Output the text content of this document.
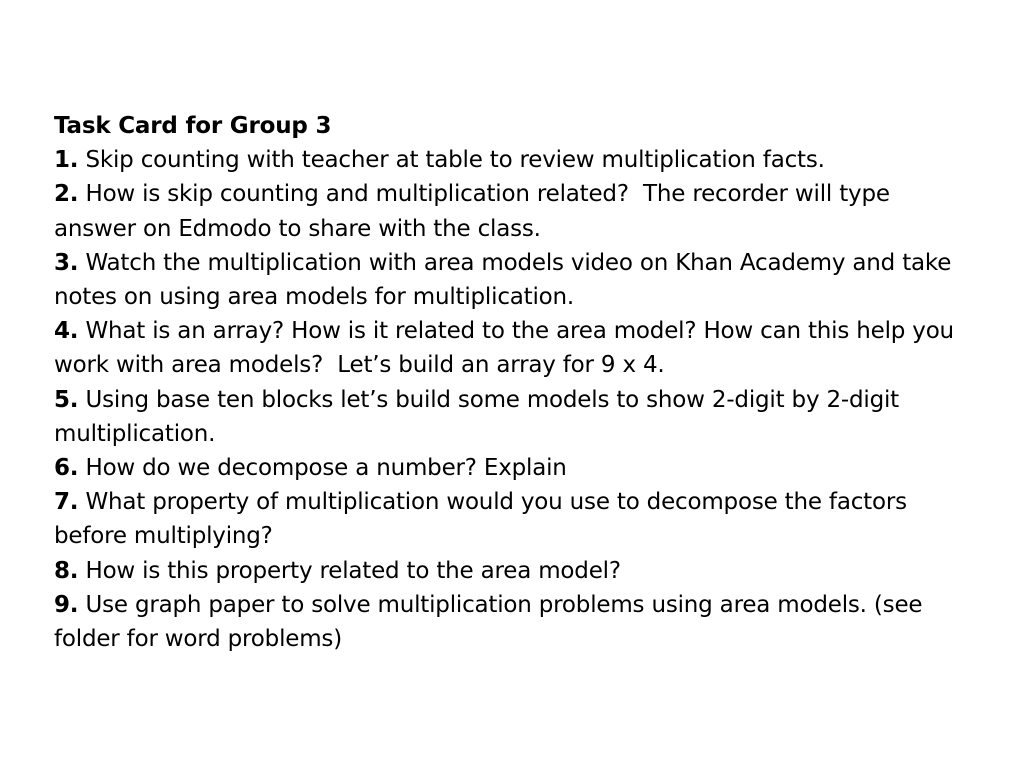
Task Card for Group 3
1. Skip counting with teacher at table to review multiplication facts.
2. How is skip counting and multiplication related?  The recorder will type answer on Edmodo to share with the class.
3. Watch the multiplication with area models video on Khan Academy and take notes on using area models for multiplication.
4. What is an array? How is it related to the area model? How can this help you work with area models?  Let’s build an array for 9 x 4.
5. Using base ten blocks let’s build some models to show 2-digit by 2-digit multiplication.
6. How do we decompose a number? Explain
7. What property of multiplication would you use to decompose the factors before multiplying?
8. How is this property related to the area model?
9. Use graph paper to solve multiplication problems using area models. (see folder for word problems)
